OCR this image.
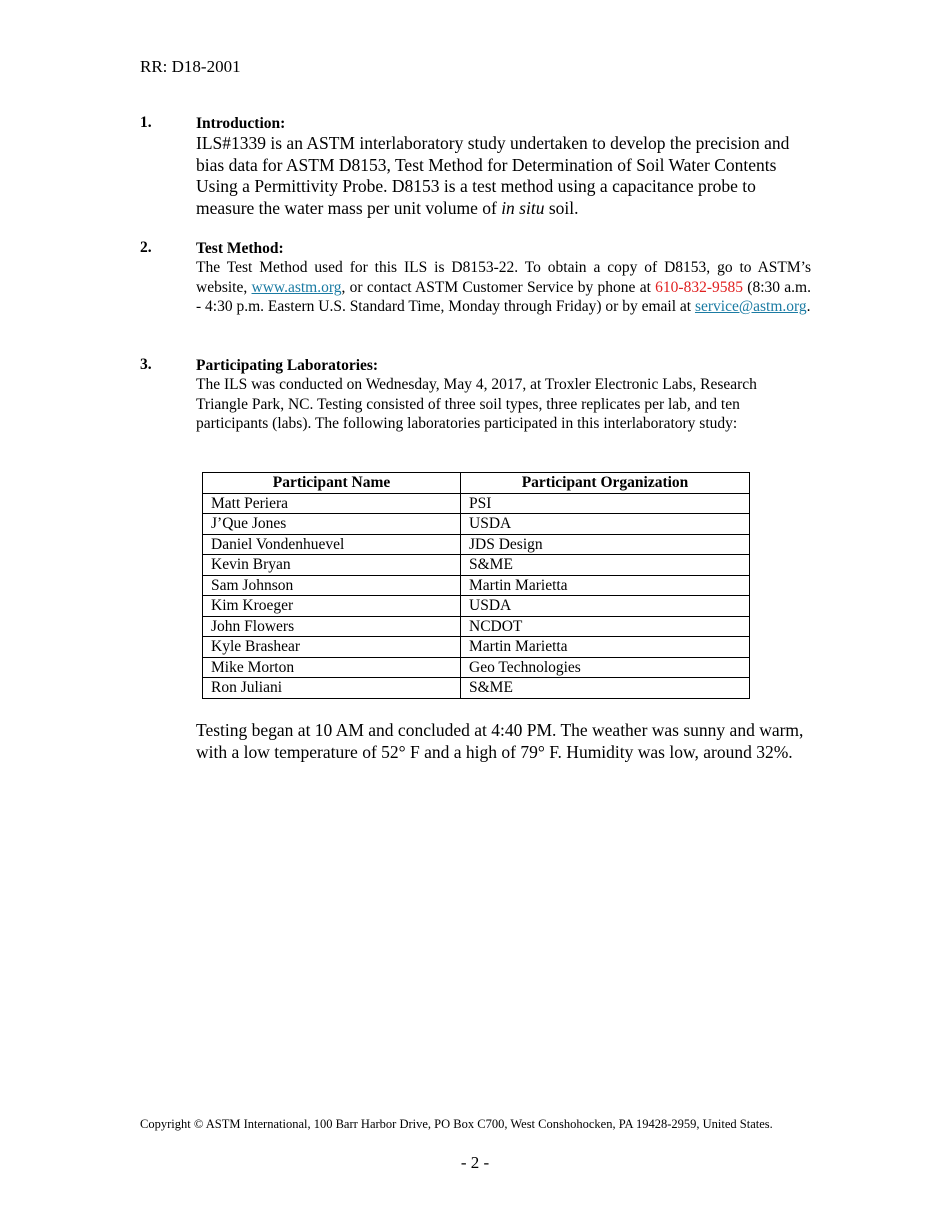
RR: D18-2001
1.	Introduction:
ILS#1339 is an ASTM interlaboratory study undertaken to develop the precision and bias data for ASTM D8153, Test Method for Determination of Soil Water Contents Using a Permittivity Probe. D8153 is a test method using a capacitance probe to measure the water mass per unit volume of in situ soil.
2.	Test Method:
The Test Method used for this ILS is D8153-22. To obtain a copy of D8153, go to ASTM’s website, www.astm.org, or contact ASTM Customer Service by phone at 610-832-9585 (8:30 a.m. - 4:30 p.m. Eastern U.S. Standard Time, Monday through Friday) or by email at service@astm.org.
3.	Participating Laboratories:
The ILS was conducted on Wednesday, May 4, 2017, at Troxler Electronic Labs, Research Triangle Park, NC. Testing consisted of three soil types, three replicates per lab, and ten participants (labs). The following laboratories participated in this interlaboratory study:
Participant Name	Participant Organization
Matt Periera	PSI
J’Que Jones	USDA
Daniel Vondenhuevel	JDS Design
Kevin Bryan	S&ME
Sam Johnson	Martin Marietta
Kim Kroeger	USDA
John Flowers	NCDOT
Kyle Brashear	Martin Marietta
Mike Morton	Geo Technologies
Ron Juliani	S&ME
Testing began at 10 AM and concluded at 4:40 PM. The weather was sunny and warm, with a low temperature of 52° F and a high of 79° F. Humidity was low, around 32%.
Copyright © ASTM International, 100 Barr Harbor Drive, PO Box C700, West Conshohocken, PA 19428-2959, United States.
- 2 -
